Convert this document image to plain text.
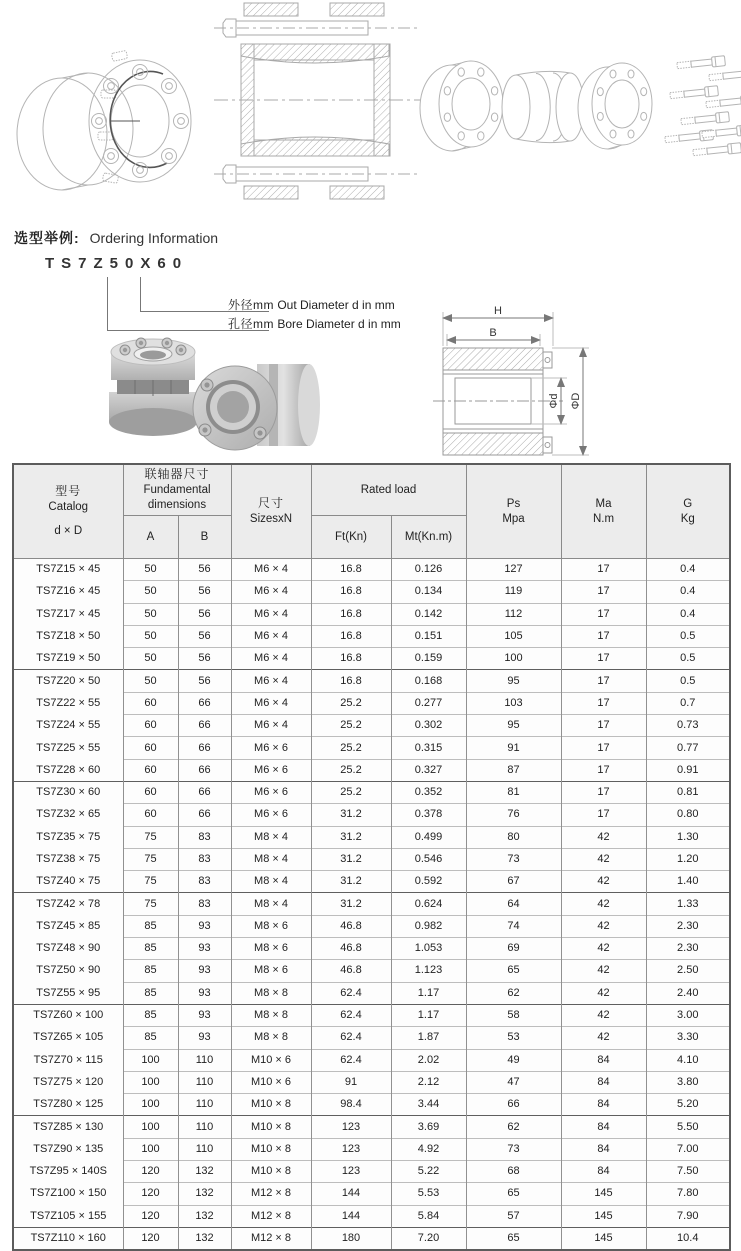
选型举例: Ordering Information
TS7Z50X60
外径mm Out Diameter d in mm
孔径mm Bore Diameter d in mm
H
B
Φd ΦD
型号
Catalog
d × D

联轴器尺寸
Fundamental
dimensions	尺寸
SizesxN
	Rated load	
Ps
Mpa

Ma
N.m

G
Kg

	A	B		Ft(Kn)	Mt(Kn.m)			
TS7Z15 × 45	50	56	M6 × 4	16.8	0.126	127	17	0.4
TS7Z16 × 45	50	56	M6 × 4	16.8	0.134	119	17	0.4
TS7Z17 × 45	50	56	M6 × 4	16.8	0.142	112	17	0.4
TS7Z18 × 50	50	56	M6 × 4	16.8	0.151	105	17	0.5
TS7Z19 × 50	50	56	M6 × 4	16.8	0.159	100	17	0.5
TS7Z20 × 50	50	56	M6 × 4	16.8	0.168	95	17	0.5
TS7Z22 × 55	60	66	M6 × 4	25.2	0.277	103	17	0.7
TS7Z24 × 55	60	66	M6 × 4	25.2	0.302	95	17	0.73
TS7Z25 × 55	60	66	M6 × 6	25.2	0.315	91	17	0.77
TS7Z28 × 60	60	66	M6 × 6	25.2	0.327	87	17	0.91
TS7Z30 × 60	60	66	M6 × 6	25.2	0.352	81	17	0.81
TS7Z32 × 65	60	66	M6 × 6	31.2	0.378	76	17	0.80
TS7Z35 × 75	75	83	M8 × 4	31.2	0.499	80	42	1.30
TS7Z38 × 75	75	83	M8 × 4	31.2	0.546	73	42	1.20
TS7Z40 × 75	75	83	M8 × 4	31.2	0.592	67	42	1.40
TS7Z42 × 78	75	83	M8 × 4	31.2	0.624	64	42	1.33
TS7Z45 × 85	85	93	M8 × 6	46.8	0.982	74	42	2.30
TS7Z48 × 90	85	93	M8 × 6	46.8	1.053	69	42	2.30
TS7Z50 × 90	85	93	M8 × 6	46.8	1.123	65	42	2.50
TS7Z55 × 95	85	93	M8 × 8	62.4	1.17	62	42	2.40
TS7Z60 × 100	85	93	M8 × 8	62.4	1.17	58	42	3.00
TS7Z65 × 105	85	93	M8 × 8	62.4	1.87	53	42	3.30
TS7Z70 × 115	100	110	M10 × 6	62.4	2.02	49	84	4.10
TS7Z75 × 120	100	110	M10 × 6	91	2.12	47	84	3.80
TS7Z80 × 125	100	110	M10 × 8	98.4	3.44	66	84	5.20
TS7Z85 × 130	100	110	M10 × 8	123	3.69	62	84	5.50
TS7Z90 × 135	100	110	M10 × 8	123	4.92	73	84	7.00
TS7Z95 × 140S	120	132	M10 × 8	123	5.22	68	84	7.50
TS7Z100 × 150	120	132	M12 × 8	144	5.53	65	145	7.80
TS7Z105 × 155	120	132	M12 × 8	144	5.84	57	145	7.90
TS7Z110 × 160	120	132	M12 × 8	180	7.20	65	145	10.4
